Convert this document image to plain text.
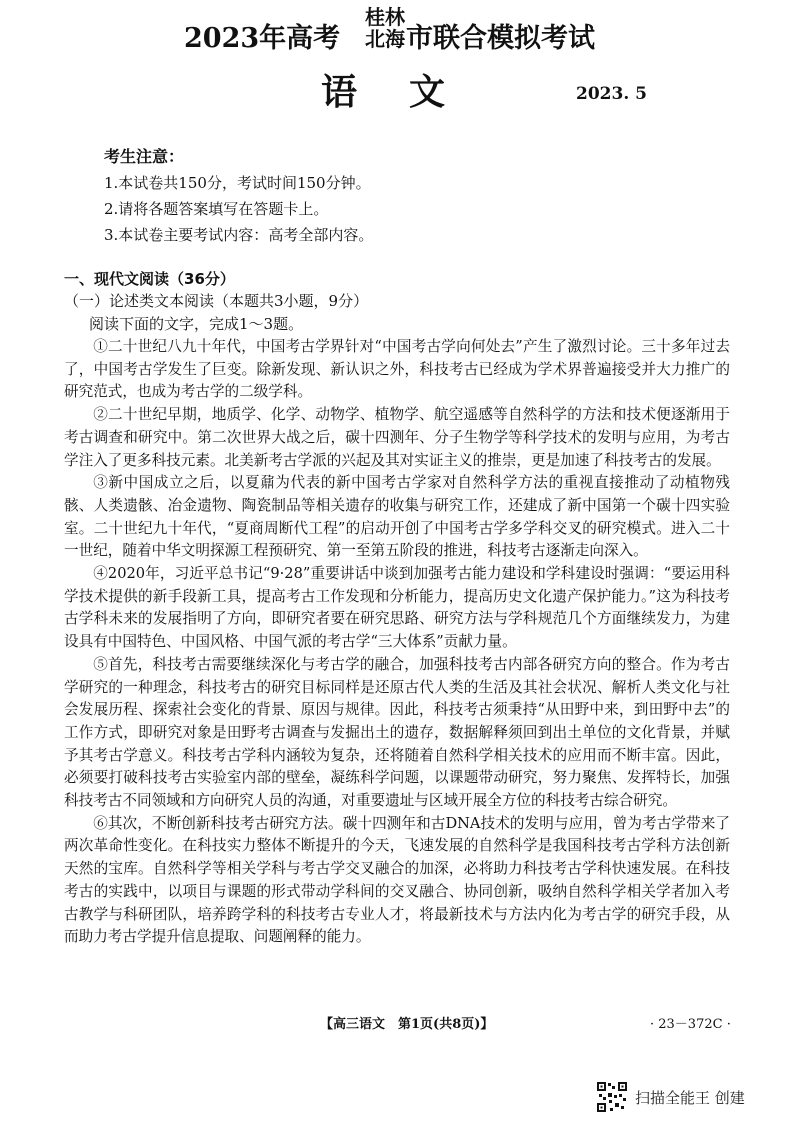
2023年高考
桂林
北海 市联合模拟考试
语文	2023. 5
考生注意：
1.本试卷共150分，考试时间150分钟。
2.请将各题答案填写在答题卡上。
3.本试卷主要考试内容：高考全部内容。
一、现代文阅读（36分）
（一）论述类文本阅读（本题共3小题，9分）
阅读下面的文字，完成1～3题。

①二十世纪八九十年代，中国考古学界针对“中国考古学向何处去”产生了激烈讨论。三十多年过去了，中国考古学发生了巨变。除新发现、新认识之外，科技考古已经成为学术界普遍接受并大力推广的研究范式，也成为考古学的二级学科。

②二十世纪早期，地质学、化学、动物学、植物学、航空遥感等自然科学的方法和技术便逐渐用于考古调查和研究中。第二次世界大战之后，碳十四测年、分子生物学等科学技术的发明与应用，为考古学注入了更多科技元素。北美新考古学派的兴起及其对实证主义的推崇，更是加速了科技考古的发展。

③新中国成立之后，以夏鼐为代表的新中国考古学家对自然科学方法的重视直接推动了动植物残骸、人类遗骸、冶金遗物、陶瓷制品等相关遗存的收集与研究工作，还建成了新中国第一个碳十四实验室。二十世纪九十年代，“夏商周断代工程”的启动开创了中国考古学多学科交叉的研究模式。进入二十一世纪，随着中华文明探源工程预研究、第一至第五阶段的推进，科技考古逐渐走向深入。

④2020年，习近平总书记“9·28”重要讲话中谈到加强考古能力建设和学科建设时强调：“要运用科学技术提供的新手段新工具，提高考古工作发现和分析能力，提高历史文化遗产保护能力。”这为科技考古学科未来的发展指明了方向，即研究者要在研究思路、研究方法与学科规范几个方面继续发力，为建设具有中国特色、中国风格、中国气派的考古学“三大体系”贡献力量。

⑤首先，科技考古需要继续深化与考古学的融合，加强科技考古内部各研究方向的整合。作为考古学研究的一种理念，科技考古的研究目标同样是还原古代人类的生活及其社会状况、解析人类文化与社会发展历程、探索社会变化的背景、原因与规律。因此，科技考古须秉持“从田野中来，到田野中去”的工作方式，即研究对象是田野考古调查与发掘出土的遗存，数据解释须回到出土单位的文化背景，并赋予其考古学意义。科技考古学科内涵较为复杂，还将随着自然科学相关技术的应用而不断丰富。因此，必须要打破科技考古实验室内部的壁垒，凝练科学问题，以课题带动研究，努力聚焦、发挥特长，加强科技考古不同领域和方向研究人员的沟通，对重要遗址与区域开展全方位的科技考古综合研究。

⑥其次，不断创新科技考古研究方法。碳十四测年和古DNA技术的发明与应用，曾为考古学带来了两次革命性变化。在科技实力整体不断提升的今天，飞速发展的自然科学是我国科技考古学科方法创新天然的宝库。自然科学等相关学科与考古学交叉融合的加深，必将助力科技考古学科快速发展。在科技考古的实践中，以项目与课题的形式带动学科间的交叉融合、协同创新，吸纳自然科学相关学者加入考古教学与科研团队，培养跨学科的科技考古专业人才，将最新技术与方法内化为考古学的研究手段，从而助力考古学提升信息提取、问题阐释的能力。

【高三语文　第1页(共8页)】	· 23－372C ·
扫描全能王 创建
